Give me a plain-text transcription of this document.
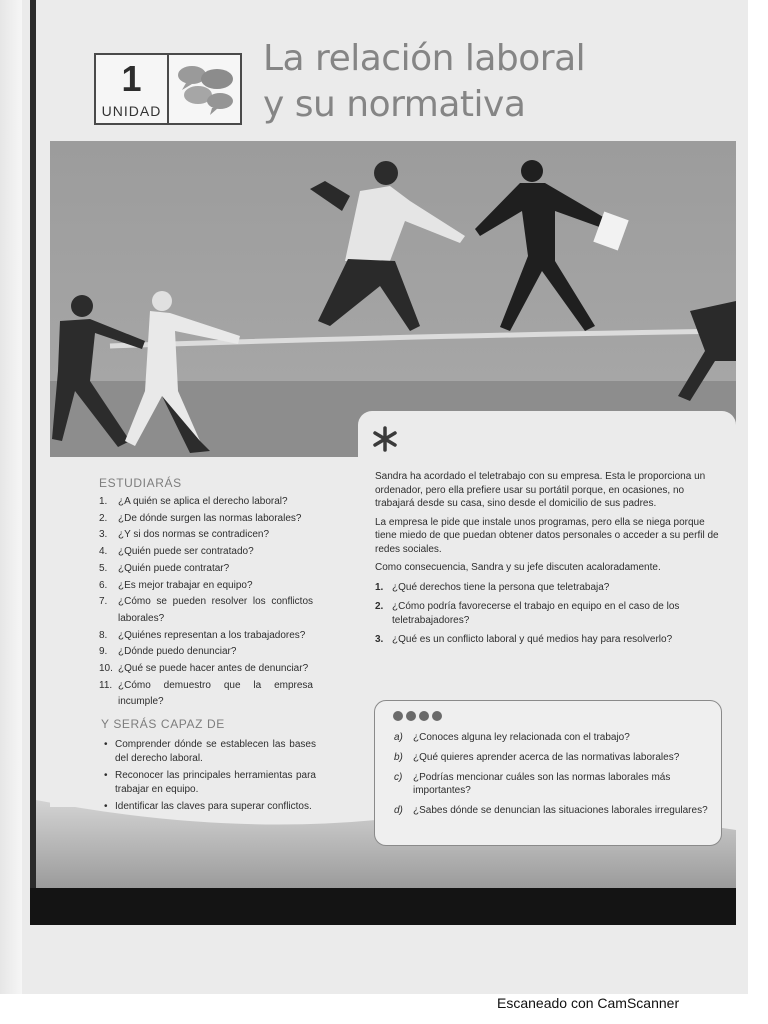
1
UNIDAD
La relación laboral
y su normativa
ESTUDIARÁS
1.	¿A quién se aplica el derecho laboral?
2.	¿De dónde surgen las normas laborales?
3.	¿Y si dos normas se contradicen?
4.	¿Quién puede ser contratado?
5.	¿Quién puede contratar?
6.	¿Es mejor trabajar en equipo?
7.	¿Cómo se pueden resolver los conflictos laborales?
8.	¿Quiénes representan a los trabajadores?
9.	¿Dónde puedo denunciar?
10. ¿Qué se puede hacer antes de denunciar?
11. ¿Cómo demuestro que la empresa incumple?
Y SERÁS CAPAZ DE
• Comprender dónde se establecen las bases del derecho laboral.
• Reconocer las principales herramientas para trabajar en equipo.
• Identificar las claves para superar conflictos.

Sandra ha acordado el teletrabajo con su empresa. Esta le proporciona un ordenador, pero ella prefiere usar su portátil porque, en ocasiones, no trabajará desde su casa, sino desde el domicilio de sus padres.

La empresa le pide que instale unos programas, pero ella se niega porque tiene miedo de que puedan obtener datos personales o acceder a su perfil de redes sociales.

Como consecuencia, Sandra y su jefe discuten acaloradamente.

1. ¿Qué derechos tiene la persona que teletrabaja?
2. ¿Cómo podría favorecerse el trabajo en equipo en el caso de los teletrabajadores?
3. ¿Qué es un conflicto laboral y qué medios hay para resolverlo?
a)	¿Conoces alguna ley relacionada con el trabajo?
b)	¿Qué quieres aprender acerca de las normativas laborales?
c)	¿Podrías mencionar cuáles son las normas laborales más importantes?
d)	¿Sabes dónde se denuncian las situaciones laborales irregulares?
Escaneado con CamScanner
